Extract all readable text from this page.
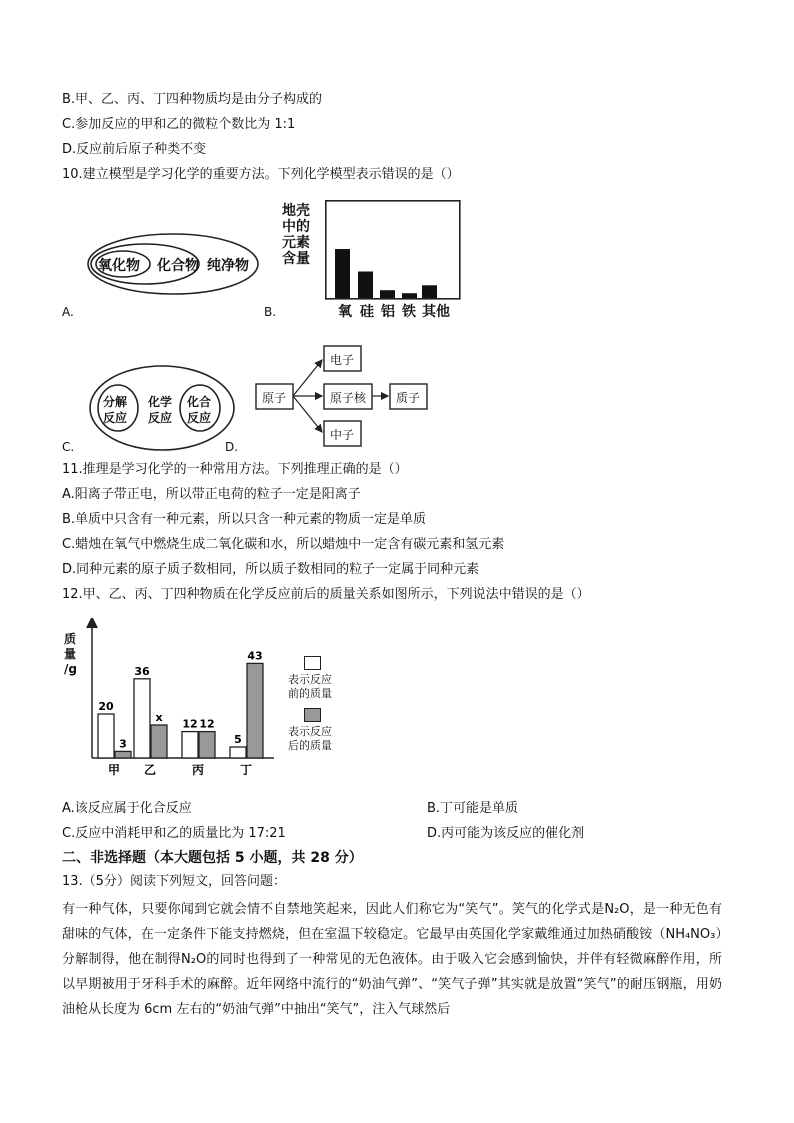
B.甲、乙、丙、丁四种物质均是由分子构成的
C.参加反应的甲和乙的微粒个数比为 1:1
D.反应前后原子种类不变
10.建立模型是学习化学的重要方法。下列化学模型表示错误的是（）
氧化物 化合物 纯净物
A.	B.
地壳
中的
元素
含量
氧 硅 铝 铁 其他
分解
反应
化学
反应
化合
反应
C.	D.
原子
电子
原子核 质子
中子
11.推理是学习化学的一种常用方法。下列推理正确的是（）
A.阳离子带正电，所以带正电荷的粒子一定是阳离子
B.单质中只含有一种元素，所以只含一种元素的物质一定是单质
C.蜡烛在氧气中燃烧生成二氧化碳和水，所以蜡烛中一定含有碳元素和氢元素
D.同种元素的原子质子数相同，所以质子数相同的粒子一定属于同种元素
12.甲、乙、丙、丁四种物质在化学反应前后的质量关系如图所示，下列说法中错误的是（）
质
量
/g
20
3
甲
36
x
乙
12 12
丙
5
43
丁
表示反应
前的质量
表示反应
后的质量
A.该反应属于化合反应	B.丁可能是单质
C.反应中消耗甲和乙的质量比为 17:21	D.丙可能为该反应的催化剂
二、非选择题（本大题包括 5 小题，共 28 分）
13.（5分）阅读下列短文，回答问题：
有一种气体，只要你闻到它就会情不自禁地笑起来，因此人们称它为“笑气”。笑气的化学式是N₂O，是一种无色有甜味的气体，在一定条件下能支持燃烧，但在室温下较稳定。它最早由英国化学家戴维通过加热硝酸铵（NH₄NO₃）分解制得，他在制得N₂O的同时也得到了一种常见的无色液体。由于吸入它会感到愉快，并伴有轻微麻醉作用，所以早期被用于牙科手术的麻醉。近年网络中流行的“奶油气弹”、“笑气子弹”其实就是放置“笑气”的耐压钢瓶，用奶油枪从长度为 6cm 左右的“奶油气弹”中抽出“笑气”，注入气球然后
